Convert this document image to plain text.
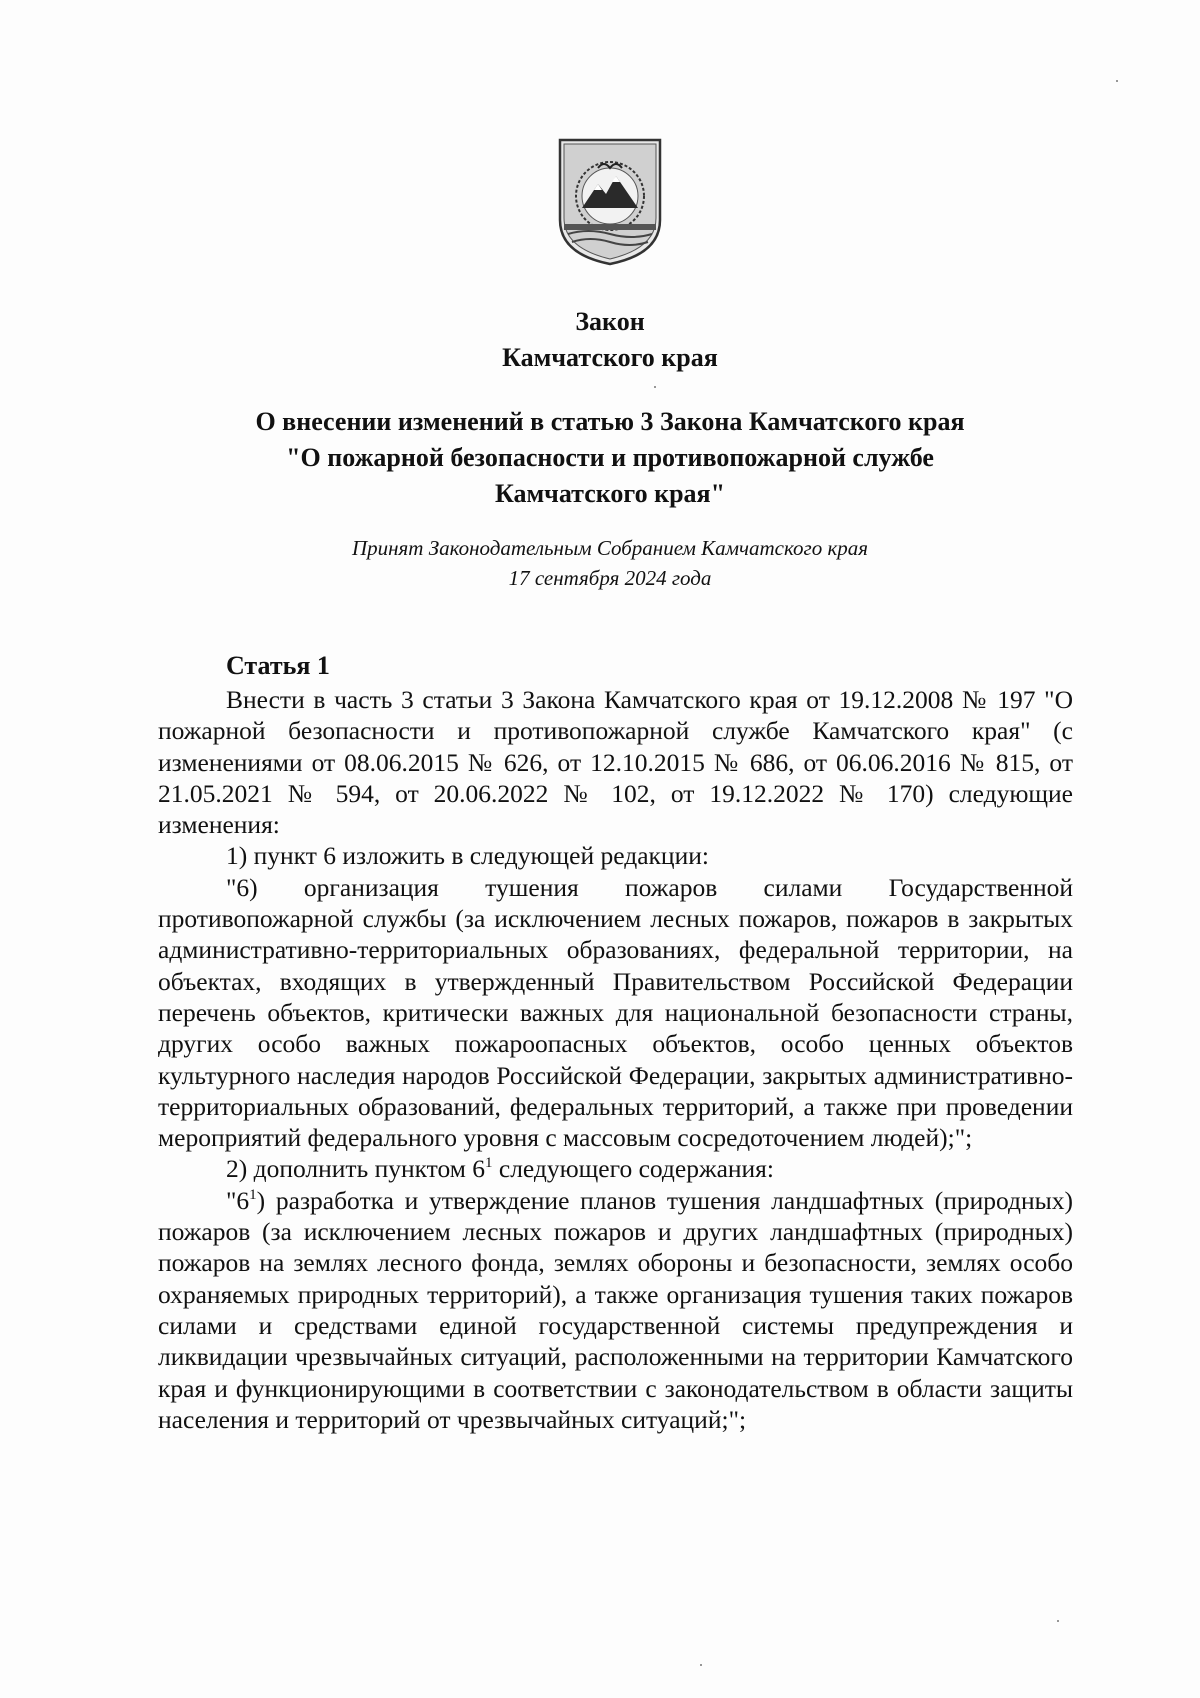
Закон
Камчатского края
О внесении изменений в статью 3 Закона Камчатского края
"О пожарной безопасности и противопожарной службе
Камчатского края"
Принят Законодательным Собранием Камчатского края
17 сентября 2024 года
Статья 1

Внести в часть 3 статьи 3 Закона Камчатского края от 19.12.2008 № 197 "О пожарной безопасности и противопожарной службе Камчатского края" (с изменениями от 08.06.2015 № 626, от 12.10.2015 № 686, от 06.06.2016 № 815, от 21.05.2021 № 594, от 20.06.2022 № 102, от 19.12.2022 № 170) следующие изменения:

1) пункт 6 изложить в следующей редакции:

"6) организация тушения пожаров силами Государственной противопожарной службы (за исключением лесных пожаров, пожаров в закрытых административно-территориальных образованиях, федеральной территории, на объектах, входящих в утвержденный Правительством Российской Федерации перечень объектов, критически важных для национальной безопасности страны, других особо важных пожароопасных объектов, особо ценных объектов культурного наследия народов Российской Федерации, закрытых административно-территориальных образований, федеральных территорий, а также при проведении мероприятий федерального уровня с массовым сосредоточением людей);";

2) дополнить пунктом $6^1$ следующего содержания:

"$6^1$) разработка и утверждение планов тушения ландшафтных (природных) пожаров (за исключением лесных пожаров и других ландшафтных (природных) пожаров на землях лесного фонда, землях обороны и безопасности, землях особо охраняемых природных территорий), а также организация тушения таких пожаров силами и средствами единой государственной системы предупреждения и ликвидации чрезвычайных ситуаций, расположенными на территории Камчатского края и функционирующими в соответствии с законодательством в области защиты населения и территорий от чрезвычайных ситуаций;";
